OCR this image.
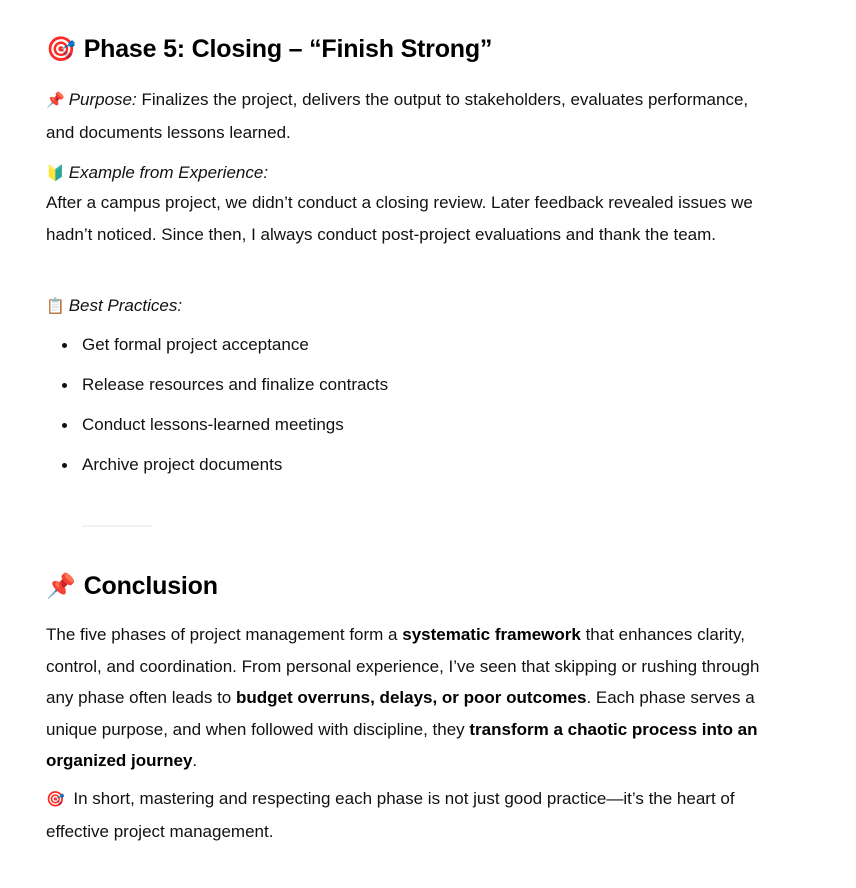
🎯 Phase 5: Closing – “Finish Strong”

📌 Purpose: Finalizes the project, delivers the output to stakeholders, evaluates performance, and documents lessons learned.

🔰 Example from Experience:

After a campus project, we didn’t conduct a closing review. Later feedback revealed issues we hadn’t noticed. Since then, I always conduct post-project evaluations and thank the team.

📋 Best Practices:

Get formal project acceptance
Release resources and finalize contracts
Conduct lessons-learned meetings
Archive project documents
📌 Conclusion

The five phases of project management form a systematic framework that enhances clarity, control, and coordination. From personal experience, I’ve seen that skipping or rushing through any phase often leads to budget overruns, delays, or poor outcomes. Each phase serves a unique purpose, and when followed with discipline, they transform a chaotic process into an organized journey.

🎯 In short, mastering and respecting each phase is not just good practice—it’s the heart of effective project management.
